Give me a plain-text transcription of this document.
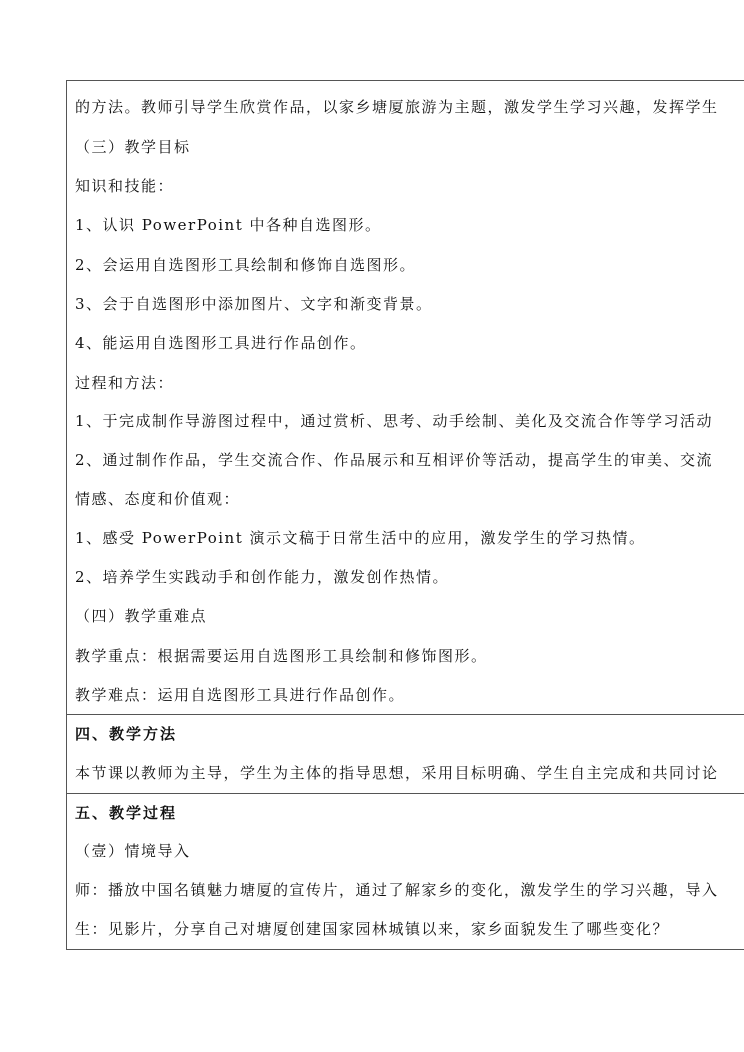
的方法。教师引导学生欣赏作品，以家乡塘厦旅游为主题，激发学生学习兴趣，发挥学生
（三）教学目标
知识和技能：
1、认识 PowerPoint 中各种自选图形。
2、会运用自选图形工具绘制和修饰自选图形。
3、会于自选图形中添加图片、文字和渐变背景。
4、能运用自选图形工具进行作品创作。
过程和方法：
1、于完成制作导游图过程中，通过赏析、思考、动手绘制、美化及交流合作等学习活动
2、通过制作作品，学生交流合作、作品展示和互相评价等活动，提高学生的审美、交流
情感、态度和价值观：
1、感受 PowerPoint 演示文稿于日常生活中的应用，激发学生的学习热情。
2、培养学生实践动手和创作能力，激发创作热情。
（四）教学重难点
教学重点：根据需要运用自选图形工具绘制和修饰图形。
教学难点：运用自选图形工具进行作品创作。
四、教学方法
本节课以教师为主导，学生为主体的指导思想，采用目标明确、学生自主完成和共同讨论
五、教学过程
（壹）情境导入
师：播放中国名镇魅力塘厦的宣传片，通过了解家乡的变化，激发学生的学习兴趣，导入
生：见影片，分享自己对塘厦创建国家园林城镇以来，家乡面貌发生了哪些变化？
